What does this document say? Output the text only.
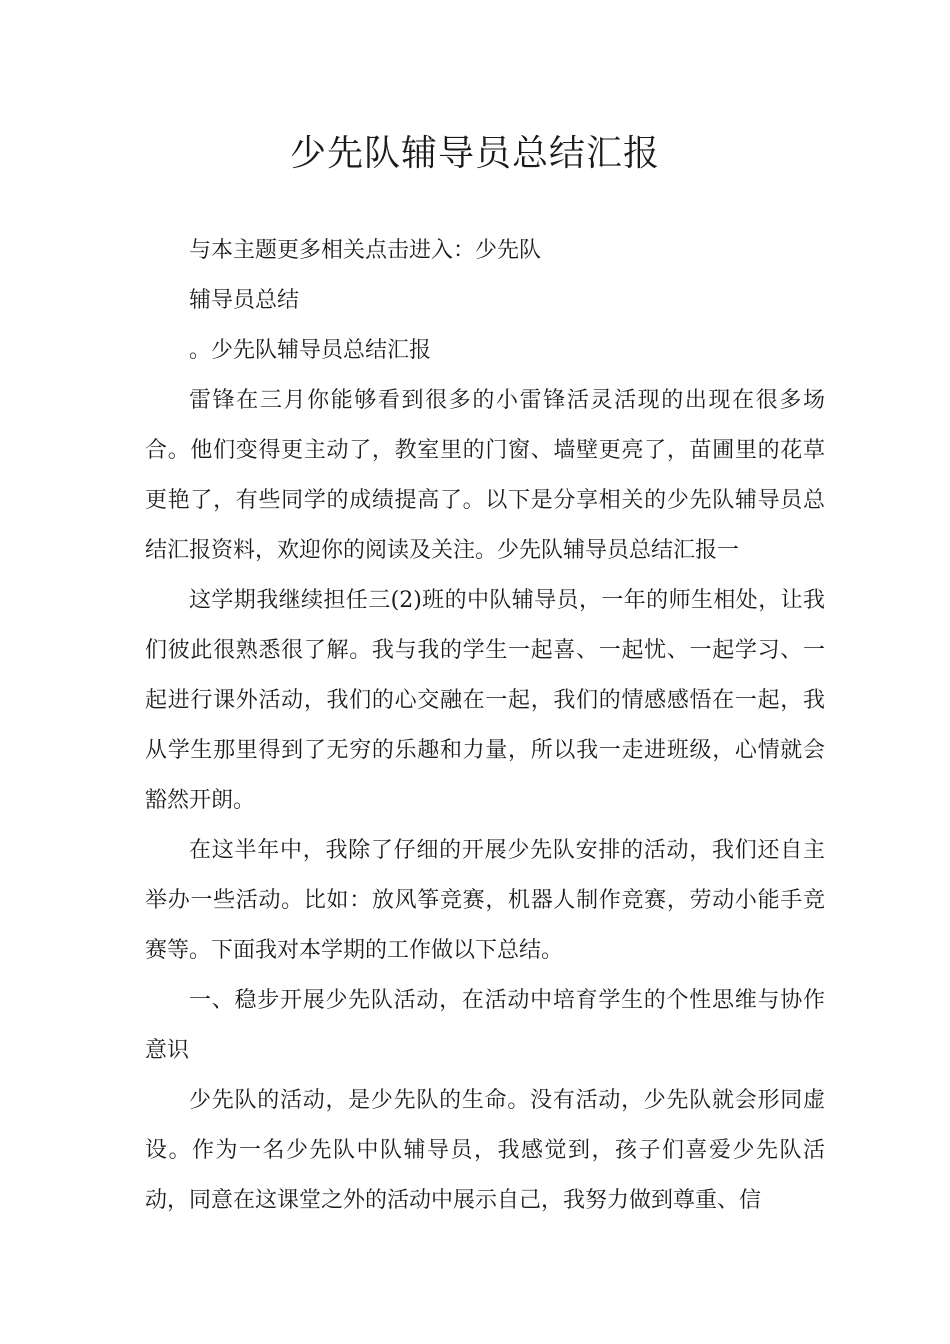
少先队辅导员总结汇报

与本主题更多相关点击进入：少先队

辅导员总结

。少先队辅导员总结汇报

雷锋在三月你能够看到很多的小雷锋活灵活现的出现在很多场合。他们变得更主动了，教室里的门窗、墙壁更亮了，苗圃里的花草更艳了，有些同学的成绩提高了。以下是分享相关的少先队辅导员总结汇报资料，欢迎你的阅读及关注。少先队辅导员总结汇报一

这学期我继续担任三(2)班的中队辅导员，一年的师生相处，让我们彼此很熟悉很了解。我与我的学生一起喜、一起忧、一起学习、一起进行课外活动，我们的心交融在一起，我们的情感感悟在一起，我从学生那里得到了无穷的乐趣和力量，所以我一走进班级，心情就会豁然开朗。

在这半年中，我除了仔细的开展少先队安排的活动，我们还自主举办一些活动。比如：放风筝竞赛，机器人制作竞赛，劳动小能手竞赛等。下面我对本学期的工作做以下总结。

一、稳步开展少先队活动，在活动中培育学生的个性思维与协作意识

少先队的活动，是少先队的生命。没有活动，少先队就会形同虚设。作为一名少先队中队辅导员，我感觉到，孩子们喜爱少先队活动，同意在这课堂之外的活动中展示自己，我努力做到尊重、信
